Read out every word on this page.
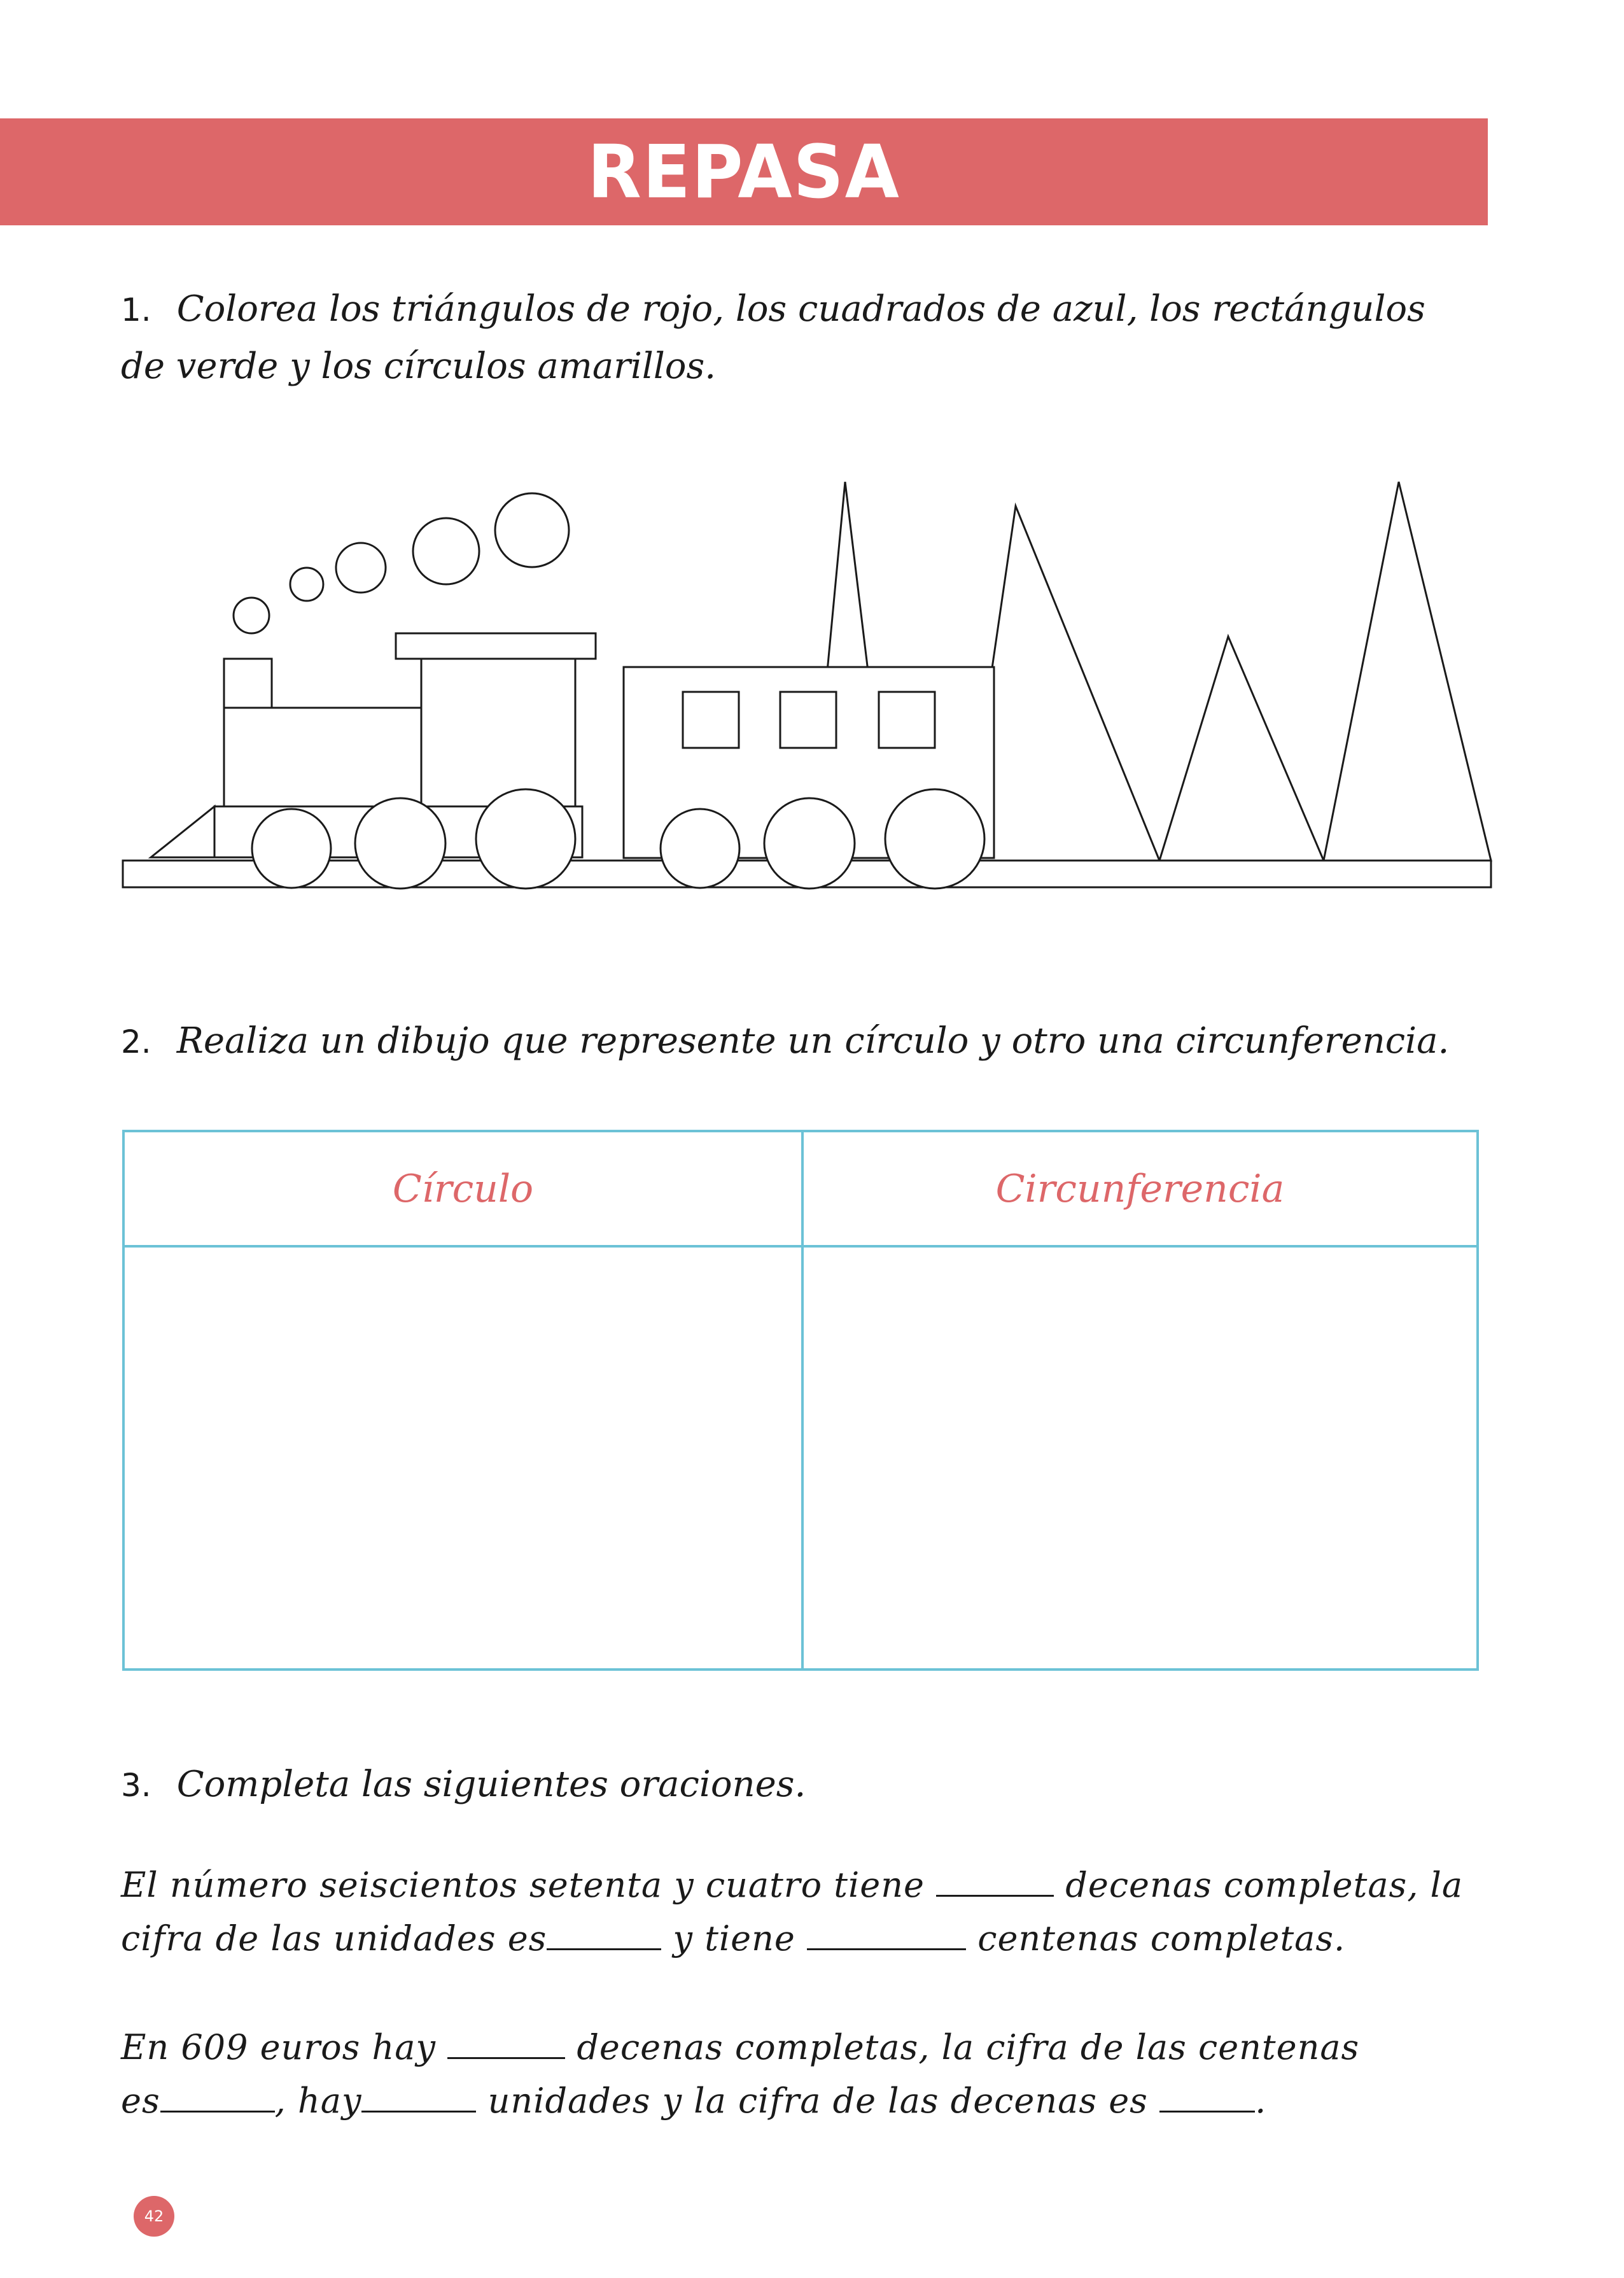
REPASA
1. Colorea los triángulos de rojo, los cuadrados de azul, los rectángulos
de verde y los círculos amarillos.
2. Realiza un dibujo que represente un círculo y otro una circunferencia.
Círculo	Circunferencia
3. Completa las siguientes oraciones.
El número seiscientos setenta y cuatro tiene	decenas completas, la
cifra de las unidades es	y tiene	centenas completas.
En 609 euros hay	decenas completas, la cifra de las centenas
es	, hay	unidades y la cifra de las decenas es	.
42
